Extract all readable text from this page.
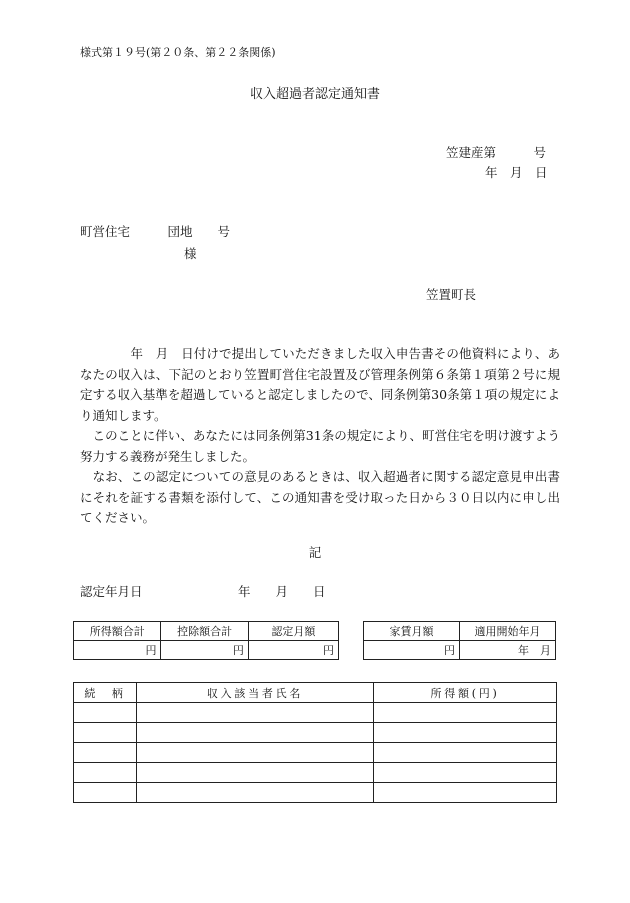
様式第１９号(第２０条、第２２条関係)
収入超過者認定通知書
笠建産第　　　号
年　月　日
町営住宅　　　団地　　号
様
笠置町長

　　　　年　月　日付けで提出していただきました収入申告書その他資料により、あなたの収入は、下記のとおり笠置町営住宅設置及び管理条例第６条第１項第２号に規定する収入基準を超過していると認定しましたので、同条例第30条第１項の規定により通知します。

　このことに伴い、あなたには同条例第31条の規定により、町営住宅を明け渡すよう努力する義務が発生しました。

　なお、この認定についての意見のあるときは、収入超過者に関する認定意見申出書にそれを証する書類を添付して、この通知書を受け取った日から３０日以内に申し出てください。

記
認定年月日	年　　月　　日
所得額合計	控除額合計	認定月額
円	円	円
家賃月額	適用開始年月
円	年　月
続　柄	収入該当者氏名	所得額(円)
